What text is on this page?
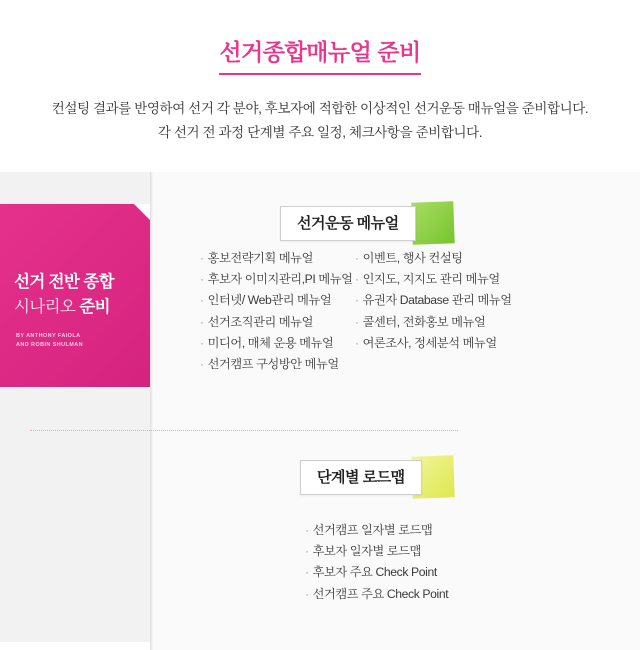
선거종합매뉴얼 준비
컨설팅 결과를 반영하여 선거 각 분야, 후보자에 적합한 이상적인 선거운동 매뉴얼을 준비합니다.
각 선거 전 과정 단계별 주요 일정, 체크사항을 준비합니다.
선거 전반 종합
시나리오 준비
BY ANTHONY FAIOLA
AND ROBIN SHULMAN
선거운동 메뉴얼
· 홍보전략기획 메뉴얼
· 후보자 이미지관리,PI 메뉴얼
· 인터넷/ Web관리 메뉴얼
· 선거조직관리 메뉴얼
· 미디어, 매체 운용 메뉴얼
· 선거캠프 구성방안 메뉴얼
· 이벤트, 행사 컨설팅
· 인지도, 지지도 관리 메뉴얼
· 유권자 Database 관리 메뉴얼
· 콜센터, 전화홍보 메뉴얼
· 여론조사, 정세분석 메뉴얼
단계별 로드맵
· 선거캠프 일자별 로드맵
· 후보자 일자별 로드맵
· 후보자 주요 Check Point
· 선거캠프 주요 Check Point
